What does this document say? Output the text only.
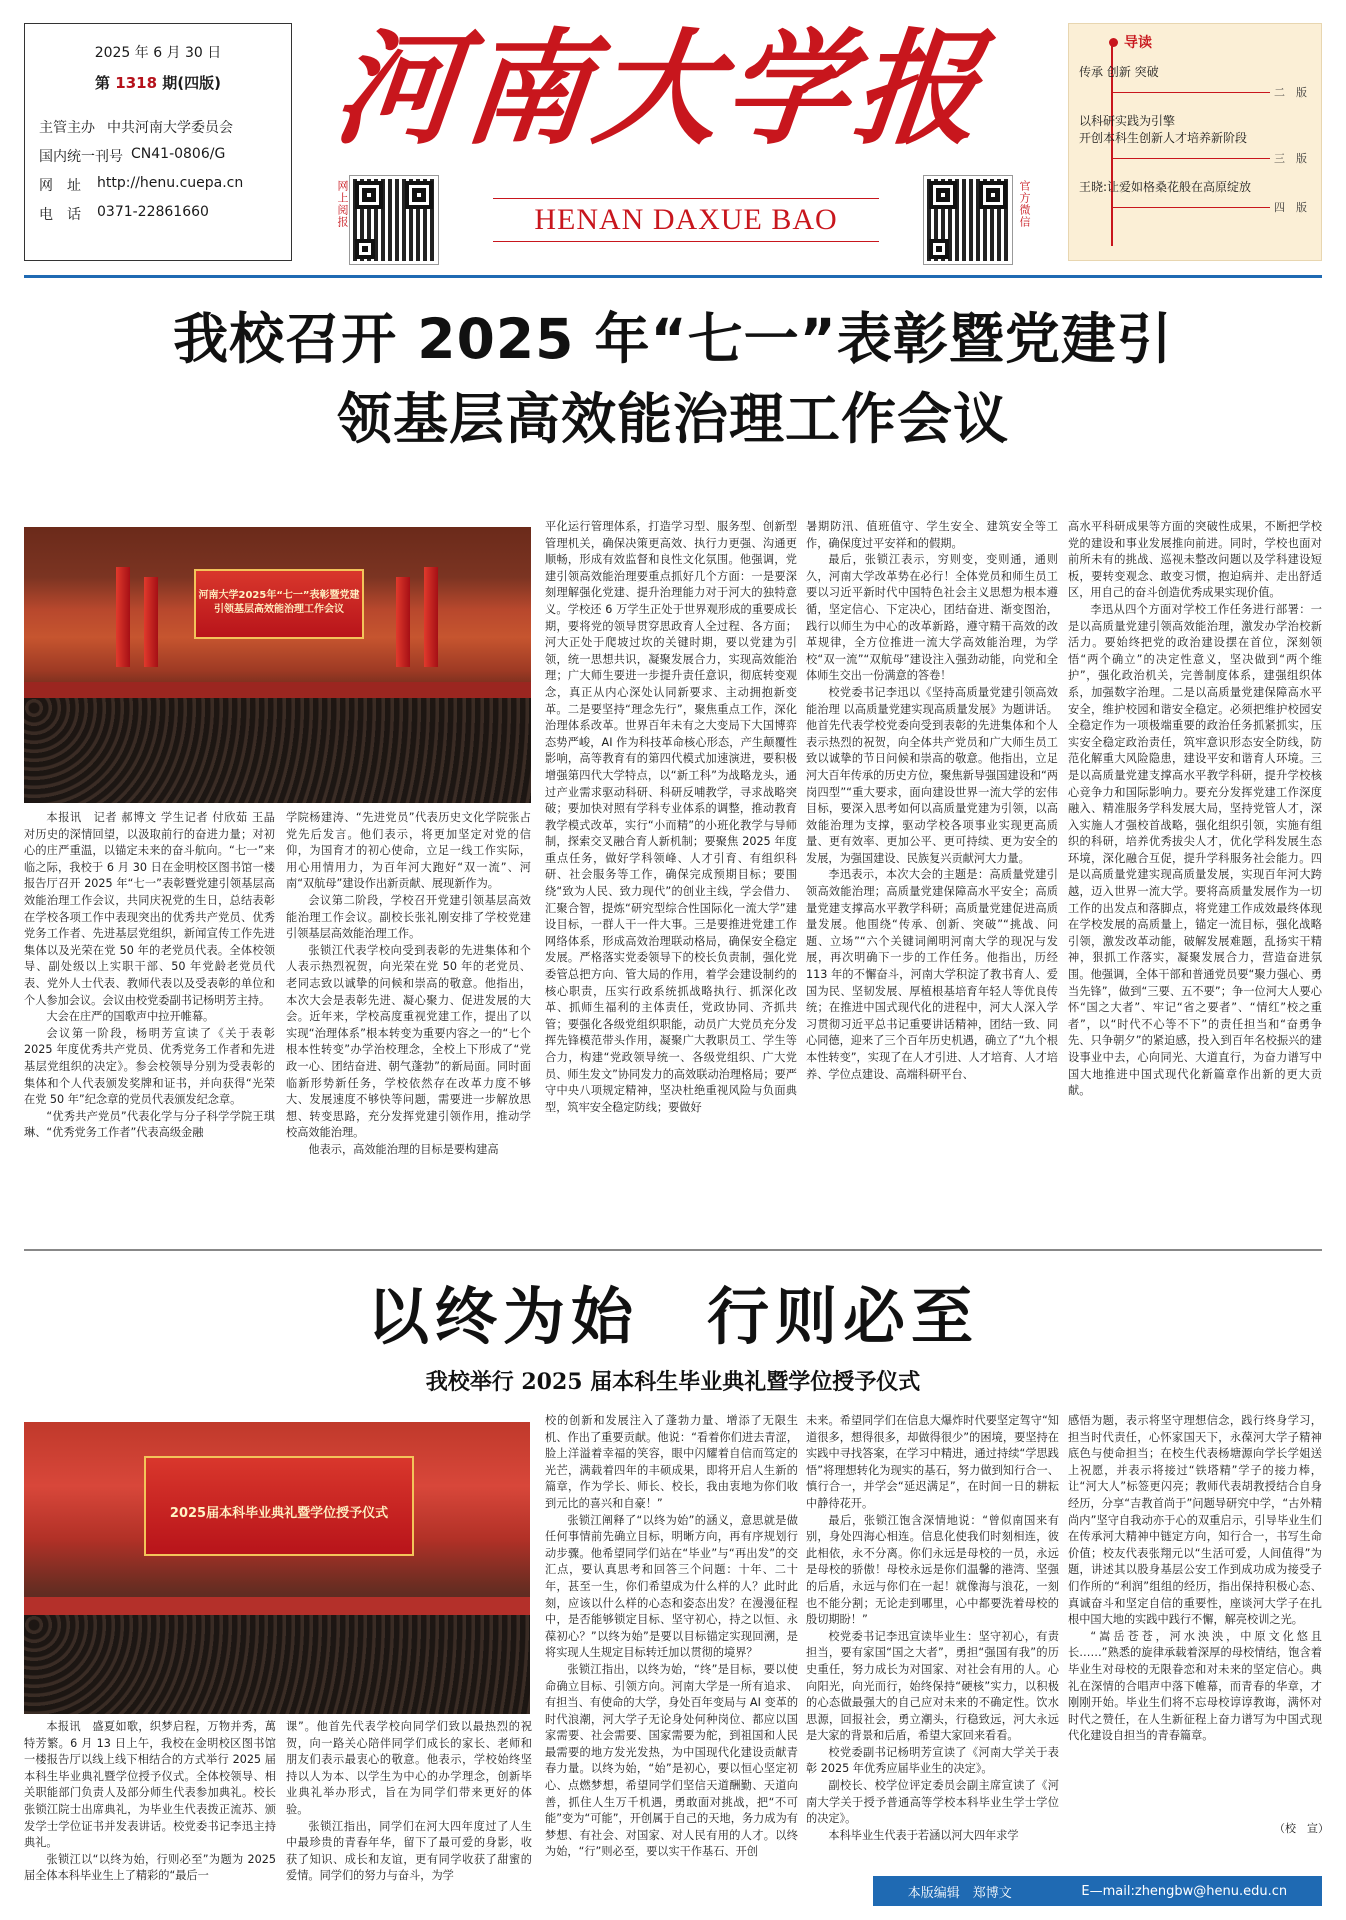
2025 年 6 月 30 日
第 1318 期(四版)
主管主办 中共河南大学委员会
国内统一刊号 CN41-0806/G
网　址	http://henu.cuepa.cn
电　话	0371-22861660
河南大学报
HENAN DAXUE BAO
网上阅报	官方微信
导读
传承 创新 突破
二　版
以科研实践为引擎
开创本科生创新人才培养新阶段
三　版
王晓:让爱如格桑花般在高原绽放
四　版
我校召开 2025 年“七一”表彰暨党建引
领基层高效能治理工作会议
河南大学2025年“七一”表彰暨党建引领基层高效能治理工作会议

本报讯　记者 郝博文 学生记者 付欣茹 王晶　对历史的深情回望，以汲取前行的奋进力量；对初心的庄严重温，以锚定未来的奋斗航向。“七一”来临之际，我校于 6 月 30 日在金明校区图书馆一楼报告厅召开 2025 年“七一”表彰暨党建引领基层高效能治理工作会议，共同庆祝党的生日，总结表彰在学校各项工作中表现突出的优秀共产党员、优秀党务工作者、先进基层党组织，新闻宣传工作先进集体以及光荣在党 50 年的老党员代表。全体校领导、副处级以上实职干部、50 年党龄老党员代表、党外人士代表、教师代表以及受表彰的单位和个人参加会议。会议由校党委副书记杨明芳主持。

大会在庄严的国歌声中拉开帷幕。

会议第一阶段，杨明芳宣读了《关于表彰 2025 年度优秀共产党员、优秀党务工作者和先进基层党组织的决定》。参会校领导分别为受表彰的集体和个人代表颁发奖牌和证书，并向获得“光荣在党 50 年”纪念章的党员代表颁发纪念章。

“优秀共产党员”代表化学与分子科学学院王琪琳、“优秀党务工作者”代表高级金融

学院杨建涛、“先进党员”代表历史文化学院张占党先后发言。他们表示，将更加坚定对党的信仰，为国育才的初心使命，立足一线工作实际，用心用情用力，为百年河大跑好“双一流”、河南“双航母”建设作出新贡献、展现新作为。

会议第二阶段，学校召开党建引领基层高效能治理工作会议。副校长张礼刚安排了学校党建引领基层高效能治理工作。

张锁江代表学校向受到表彰的先进集体和个人表示热烈祝贺，向光荣在党 50 年的老党员、老同志致以诚挚的问候和崇高的敬意。他指出，本次大会是表彰先进、凝心聚力、促进发展的大会。近年来，学校高度重视党建工作，提出了以实现“治理体系”根本转变为重要内容之一的“七个根本性转变”办学治校理念，全校上下形成了“党政一心、团结奋进、朝气蓬勃”的新局面。同时面临新形势新任务，学校依然存在改革力度不够大、发展速度不够快等问题，需要进一步解放思想、转变思路，充分发挥党建引领作用，推动学校高效能治理。

他表示，高效能治理的目标是要构建高

平化运行管理体系，打造学习型、服务型、创新型管理机关，确保决策更高效、执行力更强、沟通更顺畅，形成有效监督和良性文化氛围。他强调，党建引领高效能治理要重点抓好几个方面：一是要深刻理解强化党建、提升治理能力对于河大的独特意义。学校还 6 万学生正处于世界观形成的重要成长期，要将党的领导贯穿思政育人全过程、各方面；河大正处于爬坡过坎的关键时期，要以党建为引领，统一思想共识，凝聚发展合力，实现高效能治理；广大师生要进一步提升责任意识，彻底转变观念，真正从内心深处认同新要求、主动拥抱新变革。二是要坚持“理念先行”，聚焦重点工作，深化治理体系改革。世界百年未有之大变局下大国博弈态势严峻，AI 作为科技革命核心形态，产生颠覆性影响，高等教育有的第四代模式加速演进，要积极增强第四代大学特点，以“新工科”为战略龙头，通过产业需求驱动科研、科研反哺教学，寻求战略突破；要加快对照有学科专业体系的调整，推动教育教学模式改革，实行“小而精”的小班化教学与导师制，探索交叉融合育人新机制；要聚焦 2025 年度重点任务，做好学科领峰、人才引育、有组织科研、社会服务等工作，确保完成预期目标；要围绕“致为人民、致力现代”的创业主线，学会借力、汇聚合智，提炼“研究型综合性国际化一流大学”建设目标，一群人干一件大事。三是要推进党建工作网络体系，形成高效治理联动格局，确保安全稳定发展。严格落实党委领导下的校长负责制，强化党委管总把方向、管大局的作用，着学会建设制约的核心职责，压实行政系统抓战略执行、抓深化改革、抓师生福利的主体责任，党政协同、齐抓共管；要强化各级党组织职能，动员广大党员充分发挥先锋模范带头作用，凝聚广大教职员工、学生等合力，构建“党政领导统一、各级党组织、广大党员、师生发文”协同发力的高效联动治理格局；要严守中央八项规定精神，坚决杜绝重视风险与负面典型，筑牢安全稳定防线；要做好

暑期防汛、值班值守、学生安全、建筑安全等工作，确保度过平安祥和的假期。

最后，张锁江表示，穷则变，变则通，通则久，河南大学改革势在必行！全体党员和师生员工要以习近平新时代中国特色社会主义思想为根本遵循，坚定信心、下定决心，团结奋进、渐变图治，践行以师生为中心的改革新路，遵守精干高效的改革规律，全方位推进一流大学高效能治理，为学校“双一流”“双航母”建设注入强劲动能，向党和全体师生交出一份满意的答卷！

校党委书记李迅以《坚持高质量党建引领高效能治理 以高质量党建实现高质量发展》为题讲话。他首先代表学校党委向受到表彰的先进集体和个人表示热烈的祝贺，向全体共产党员和广大师生员工致以诚挚的节日问候和崇高的敬意。他指出，立足河大百年传承的历史方位，聚焦新导强国建设和“两岗四型”“重大要求，面向建设世界一流大学的宏伟目标，要深入思考如何以高质量党建为引领，以高效能治理为支撑，驱动学校各项事业实现更高质量、更有效率、更加公平、更可持续、更为安全的发展，为强国建设、民族复兴贡献河大力量。

李迅表示，本次大会的主题是：高质量党建引领高效能治理；高质量党建保障高水平安全；高质量党建支撑高水平教学科研；高质量党建促进高质量发展。他围绕“传承、创新、突破”“挑战、问题、立场”“六个关键词阐明河南大学的现况与发展，再次明确下一步的工作任务。他指出，历经 113 年的不懈奋斗，河南大学积淀了教书育人、爱国为民、坚韧发展、厚植根基培育年轻人等优良传统；在推进中国式现代化的进程中，河大人深入学习贯彻习近平总书记重要讲话精神，团结一致、同心同德，迎来了三个百年历史机遇，确立了“九个根本性转变”，实现了在人才引进、人才培育、人才培养、学位点建设、高端科研平台、

高水平科研成果等方面的突破性成果，不断把学校党的建设和事业发展推向前进。同时，学校也面对前所未有的挑战、巡视未整改问题以及学科建设短板，要转变观念、敢变习惯，抱迫病并、走出舒适区，用自己的奋斗创造优秀成果实现价值。

李迅从四个方面对学校工作任务进行部署：一是以高质量党建引领高效能治理，激发办学治校新活力。要始终把党的政治建设摆在首位，深刻领悟“两个确立”的决定性意义，坚决做到“两个维护”，强化政治机关，完善制度体系，建强组织体系，加强数字治理。二是以高质量党建保障高水平安全，维护校园和谐安全稳定。必须把维护校园安全稳定作为一项极端重要的政治任务抓紧抓实，压实安全稳定政治责任，筑牢意识形态安全防线，防范化解重大风险隐患，建设平安和谐育人环境。三是以高质量党建支撑高水平教学科研，提升学校核心竞争力和国际影响力。要充分发挥党建工作深度融入、精准服务学科发展大局，坚持党管人才，深入实施人才强校首战略，强化组织引领，实施有组织的科研，培养优秀拔尖人才，优化学科发展生态环境，深化融合互促，提升学科服务社会能力。四是以高质量党建实现高质量发展，实现百年河大跨越，迈入世界一流大学。要将高质量发展作为一切工作的出发点和落脚点，将党建工作成效最终体现在学校发展的高质量上，锚定一流目标，强化战略引领，激发改革动能，破解发展难题，乱扬实干精神，狠抓工作落实，凝聚发展合力，营造奋进氛围。他强调，全体干部和普通党员要“聚力强心、勇当先锋”，做到“三要、五不要”；争一位河大人要心怀“国之大者”、牢记“省之要者”、“情红”校之重者”，以“时代不心等不下”的责任担当和“奋勇争先、只争朝夕”的紧迫感，投入到百年名校振兴的建设事业中去，心向同光、大道直行，为奋力谱写中国大地推进中国式现代化新篇章作出新的更大贡献。

以终为始　行则必至
我校举行 2025 届本科生毕业典礼暨学位授予仪式
2025届本科毕业典礼暨学位授予仪式

本报讯　盛夏如歌，织梦启程，万物并秀，萬特芳繁。6 月 13 日上午，我校在金明校区图书馆一楼报告厅以线上线下相结合的方式举行 2025 届本科生毕业典礼暨学位授予仪式。全体校领导、相关职能部门负责人及部分师生代表参加典礼。校长张锁江院士出席典礼，为毕业生代表拨正流苏、颁发学士学位证书并发表讲话。校党委书记李迅主持典礼。

张锁江以“以终为始，行则必至”为题为 2025 届全体本科毕业生上了精彩的“最后一

课”。他首先代表学校向同学们致以最热烈的祝贺，向一路关心陪伴同学们成长的家长、老师和朋友们表示最衷心的敬意。他表示，学校始终坚持以人为本、以学生为中心的办学理念，创新毕业典礼举办形式，旨在为同学们带来更好的体验。

张锁江指出，同学们在河大四年度过了人生中最珍贵的青春年华，留下了最可爱的身影，收获了知识、成长和友谊，更有同学收获了甜蜜的爱情。同学们的努力与奋斗，为学

校的创新和发展注入了蓬勃力量、增添了无限生机、作出了重要贡献。他说：“看着你们进去青涩，脸上洋溢着幸福的笑容，眼中闪耀着自信而笃定的光芒，满载着四年的丰硕成果，即将开启人生新的篇章，作为学长、师长、校长，我由衷地为你们收到元比的喜兴和自豪！”

张锁江阐释了“以终为始”的涵义，意思就是做任何事情前先确立目标，明晰方向，再有序规划行动步骤。他希望同学们站在“毕业”与“再出发”的交汇点，要认真思考和回答三个问题：十年、二十年，甚至一生，你们希望成为什么样的人？此时此刻，应该以什么样的心态和姿态出发？在漫漫征程中，是否能够锁定目标、坚守初心，持之以恒、永葆初心？”以终为始”是要以目标锚定实现回溯，是将实现人生规定目标转迁加以贯彻的境界？

张锁江指出，以终为始，“终”是目标，要以使命确立目标、引领方向。河南大学是一所有追求、有担当、有使命的大学，身处百年变局与 AI 变革的时代浪潮，河大学子无论身处何种岗位、都应以国家需要、社会需要、国家需要为舵，到祖国和人民最需要的地方发光发热，为中国现代化建设贡献青春力量。以终为始，“始”是初心，要以恒心坚定初心、点燃梦想，希望同学们坚信天道酬勤、天道向善，抓住人生万千机遇，勇敢面对挑战，把“不可能”变为“可能”，开创属于自己的天地，务力成为有梦想、有社会、对国家、对人民有用的人才。以终为始，“行”则必至，要以实干作基石、开创

未来。希望同学们在信息大爆炸时代要坚定驾守“知道很多，想得很多，却做得很少”的困境，要坚持在实践中寻找答案，在学习中精进，通过持续“学思践悟”将理想转化为现实的基石，努力做到知行合一、慎行合一，并学会“延迟满足”，在时间一日的耕耘中静待花开。

最后，张锁江饱含深情地说：“曾似南国来有别，身处四海心相连。信息化使我们时刻相连，彼此相依，永不分离。你们永远是母校的一员，永远是母校的骄傲！母校永远是你们温馨的港湾、坚强的后盾，永远与你们在一起！就像海与浪花，一刻也不能分割；无论走到哪里，心中都要洗着母校的殷切期盼！”

校党委书记李迅宣读毕业生：坚守初心，有责担当，要有家国“国之大者”，勇担“强国有我”的历史重任，努力成长为对国家、对社会有用的人。心向阳光，向光而行，始终保持“硬核”实力，以积极的心态做最强大的自己应对未来的不确定性。饮水思源，回报社会，勇立潮头，行稳致远，河大永远是大家的背景和后盾，希望大家回来看看。

校党委副书记杨明芳宣读了《河南大学关于表彰 2025 年优秀应届毕业生的决定》。

副校长、校学位评定委员会副主席宣读了《河南大学关于授予普通高等学校本科毕业生学士学位的决定》。

本科毕业生代表于若涵以河大四年求学

感悟为题，表示将坚守理想信念，践行终身学习，担当时代责任，心怀家国天下，永葆河大学子精神底色与使命担当；在校生代表杨塘源向学长学姐送上祝愿，并表示将接过“铁塔精”学子的接力棒，让“河大人”标签更闪亮；教师代表胡教授结合自身经历，分享“吉教首尚于”问题导研究中学，“古外精尚内”坚守自我动亦于心的双重启示，引导毕业生们在传承河大精神中链定方向，知行合一，书写生命价值；校友代表张翔元以“生活可爱，人间值得”为题，讲述其以股身基层公安工作到成功成为接受子们作所的“利润”组组的经历，指出保持积极心态、真诚奋斗和坚定自信的重要性，座谈河大学子在扎根中国大地的实践中践行不懈，解亮校训之光。

“嵩岳苍苍，河水泱泱，中原文化悠且长……”熟悉的旋律承载着深厚的母校情结，饱含着毕业生对母校的无限眷恋和对未来的坚定信心。典礼在深情的合唱声中落下帷幕，而青春的华章，才刚刚开始。毕业生们将不忘母校谆谆教诲，满怀对时代之赞任，在人生新征程上奋力谱写为中国式现代化建设自担当的青春篇章。

（校　宣）
本版编辑　郑博文	E—mail:zhengbw@henu.edu.cn
